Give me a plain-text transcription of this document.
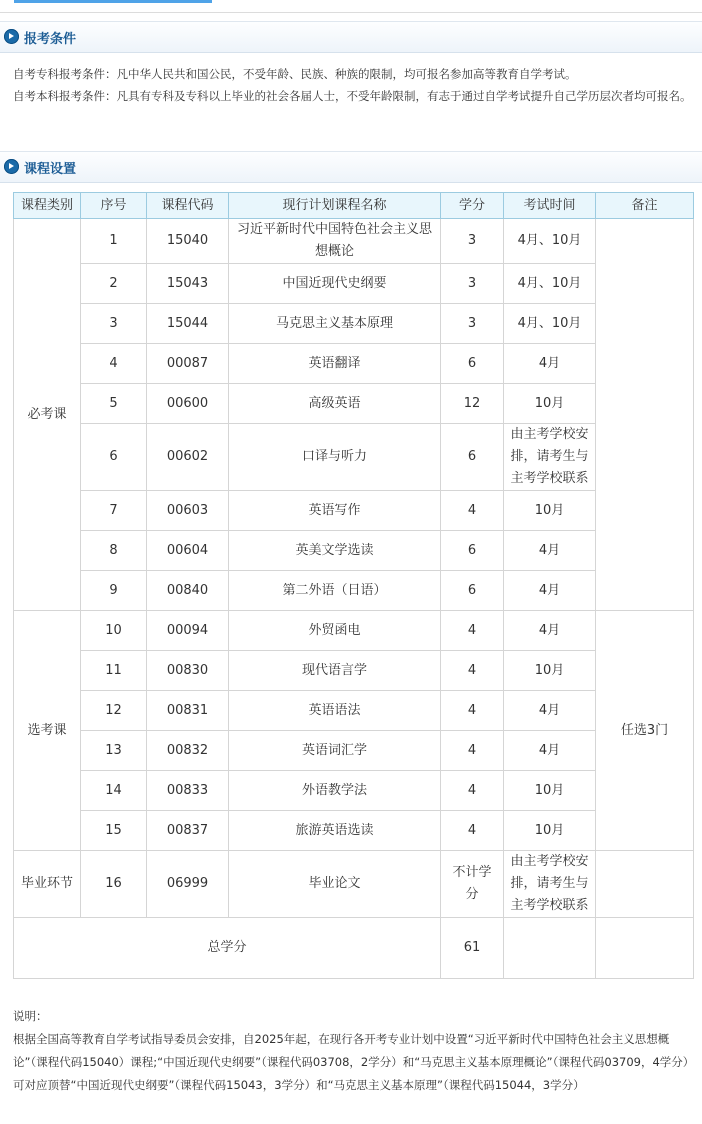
报考条件
自考专科报考条件：凡中华人民共和国公民，不受年龄、民族、种族的限制，均可报名参加高等教育自学考试。
自考本科报考条件：凡具有专科及专科以上毕业的社会各届人士，不受年龄限制，有志于通过自学考试提升自己学历层次者均可报名。
课程设置
课程类别	序号	课程代码	现行计划课程名称	学分	考试时间	备注
必考课	1	15040	习近平新时代中国特色社会主义思想概论	3	4月、10月	
	2	15043	中国近现代史纲要	3	4月、10月	
	3	15044	马克思主义基本原理	3	4月、10月	
	4	00087	英语翻译	6	4月	
	5	00600	高级英语	12	10月	
	6	00602	口译与听力	6	由主考学校安排，请考生与主考学校联系	
	7	00603	英语写作	4	10月	
	8	00604	英美文学选读	6	4月	
	9	00840	第二外语（日语）	6	4月	
选考课	10	00094	外贸函电	4	4月	任选3门
	11	00830	现代语言学	4	10月	
	12	00831	英语语法	4	4月	
	13	00832	英语词汇学	4	4月	
	14	00833	外语教学法	4	10月	
	15	00837	旅游英语选读	4	10月	
毕业环节	16	06999	毕业论文	不计学分	由主考学校安排，请考生与主考学校联系	
总学分				61		
说明：
根据全国高等教育自学考试指导委员会安排，自2025年起，在现行各开考专业计划中设置“习近平新时代中国特色社会主义思想概论”（课程代码15040）课程;“中国近现代史纲要”（课程代码03708，2学分）和“马克思主义基本原理概论”（课程代码03709，4学分）可对应顶替“中国近现代史纲要”（课程代码15043，3学分）和“马克思主义基本原理”（课程代码15044，3学分）
